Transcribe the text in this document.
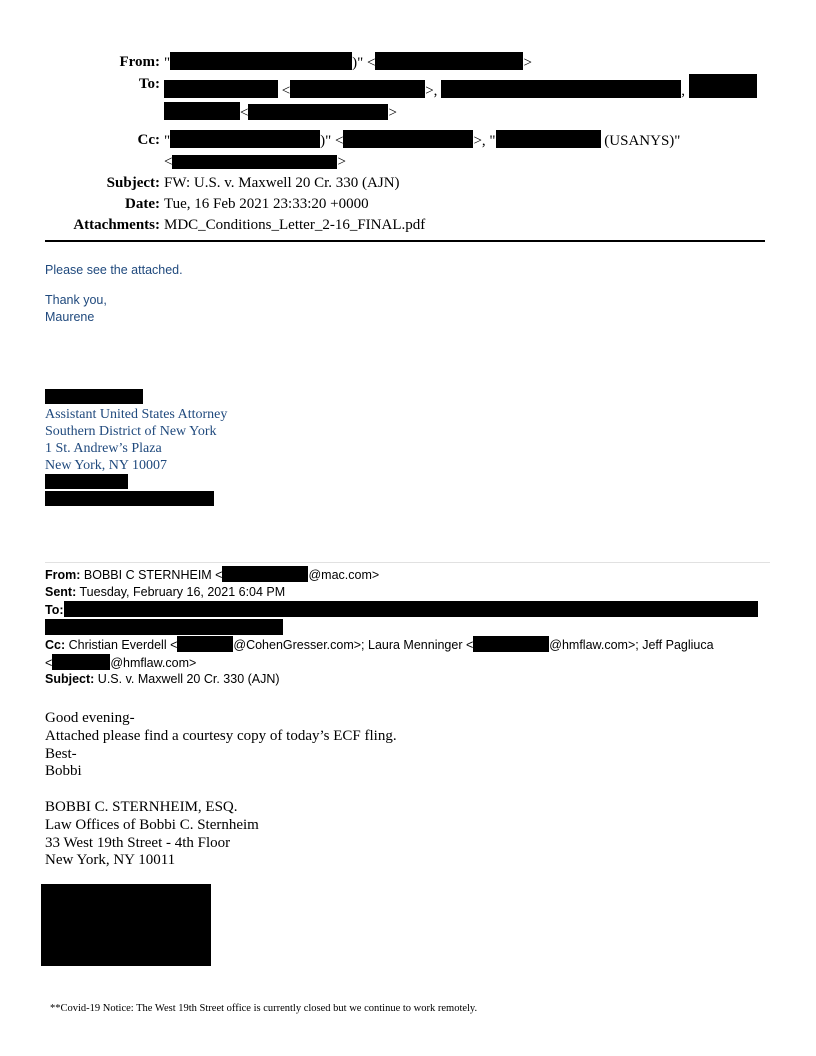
From: "	)" <	>
To:	<	>,	,
<	>
Cc: "	)" <	>, "	(USANYS)"
<	>
Subject: FW: U.S. v. Maxwell 20 Cr. 330 (AJN)
Date: Tue, 16 Feb 2021 23:33:20 +0000
Attachments: MDC_Conditions_Letter_2-16_FINAL.pdf

Please see the attached.

Thank you,

Maurene

Assistant United States Attorney
Southern District of New York
1 St. Andrew’s Plaza
New York, NY 10007
From: BOBBI C STERNHEIM <	@mac.com>
Sent: Tuesday, February 16, 2021 6:04 PM
To:
Cc: Christian Everdell <	@CohenGresser.com>; Laura Menninger <	@hmflaw.com>; Jeff Pagliuca
<	@hmflaw.com>
Subject: U.S. v. Maxwell 20 Cr. 330 (AJN)
Good evening-
Attached please find a courtesy copy of today’s ECF fling.
Best-
Bobbi
BOBBI C. STERNHEIM, ESQ.
Law Offices of Bobbi C. Sternheim
33 West 19th Street - 4th Floor
New York, NY 10011
**Covid-19 Notice: The West 19th Street office is currently closed but we continue to work remotely.
